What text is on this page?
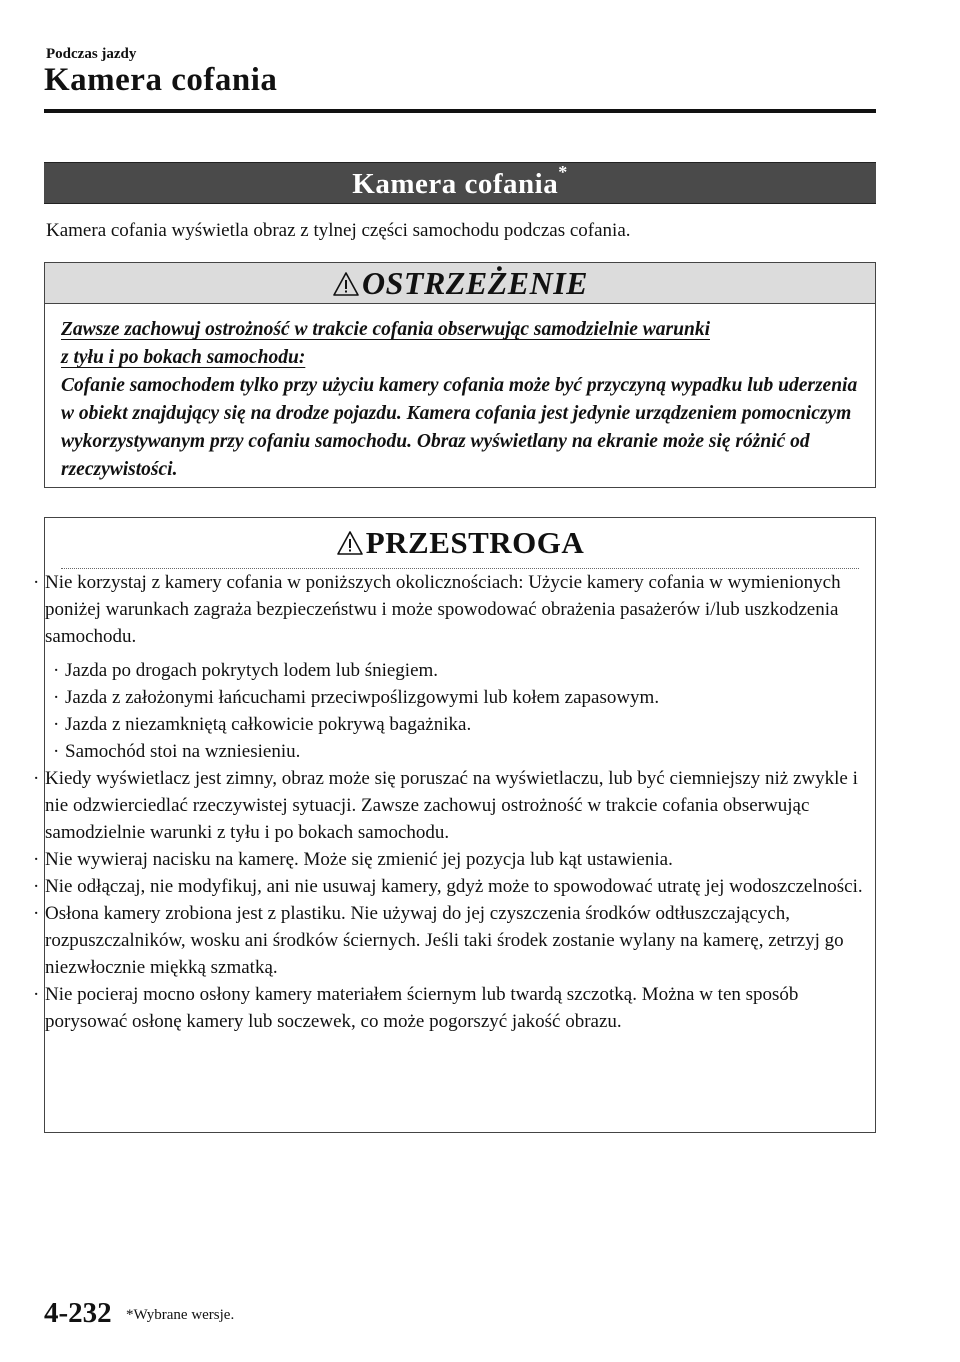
Podczas jazdy
Kamera cofania
Kamera cofania*
Kamera cofania wyświetla obraz z tylnej części samochodu podczas cofania.
OSTRZEŻENIE
Zawsze zachowuj ostrożność w trakcie cofania obserwując samodzielnie warunki
z tyłu i po bokach samochodu:
Cofanie samochodem tylko przy użyciu kamery cofania może być przyczyną wypadku lub uderzenia w obiekt znajdujący się na drodze pojazdu. Kamera cofania jest jedynie urządzeniem pomocniczym wykorzystywanym przy cofaniu samochodu. Obraz wyświetlany na ekranie może się różnić od rzeczywistości.
PRZESTROGA
· Nie korzystaj z kamery cofania w poniższych okolicznościach: Użycie kamery cofania w wymienionych poniżej warunkach zagraża bezpieczeństwu i może spowodować obrażenia pasażerów i/lub uszkodzenia samochodu.
· Jazda po drogach pokrytych lodem lub śniegiem.
· Jazda z założonymi łańcuchami przeciwpoślizgowymi lub kołem zapasowym.
· Jazda z niezamkniętą całkowicie pokrywą bagażnika.
· Samochód stoi na wzniesieniu.
· Kiedy wyświetlacz jest zimny, obraz może się poruszać na wyświetlaczu, lub być ciemniejszy niż zwykle i nie odzwierciedlać rzeczywistej sytuacji. Zawsze zachowuj ostrożność w trakcie cofania obserwując samodzielnie warunki z tyłu i po bokach samochodu.
· Nie wywieraj nacisku na kamerę. Może się zmienić jej pozycja lub kąt ustawienia.
· Nie odłączaj, nie modyfikuj, ani nie usuwaj kamery, gdyż może to spowodować utratę jej wodoszczelności.
· Osłona kamery zrobiona jest z plastiku. Nie używaj do jej czyszczenia środków odtłuszczających, rozpuszczalników, wosku ani środków ściernych. Jeśli taki środek zostanie wylany na kamerę, zetrzyj go niezwłocznie miękką szmatką.
· Nie pocieraj mocno osłony kamery materiałem ściernym lub twardą szczotką. Można w ten sposób porysować osłonę kamery lub soczewek, co może pogorszyć jakość obrazu.
4-232 *Wybrane wersje.
